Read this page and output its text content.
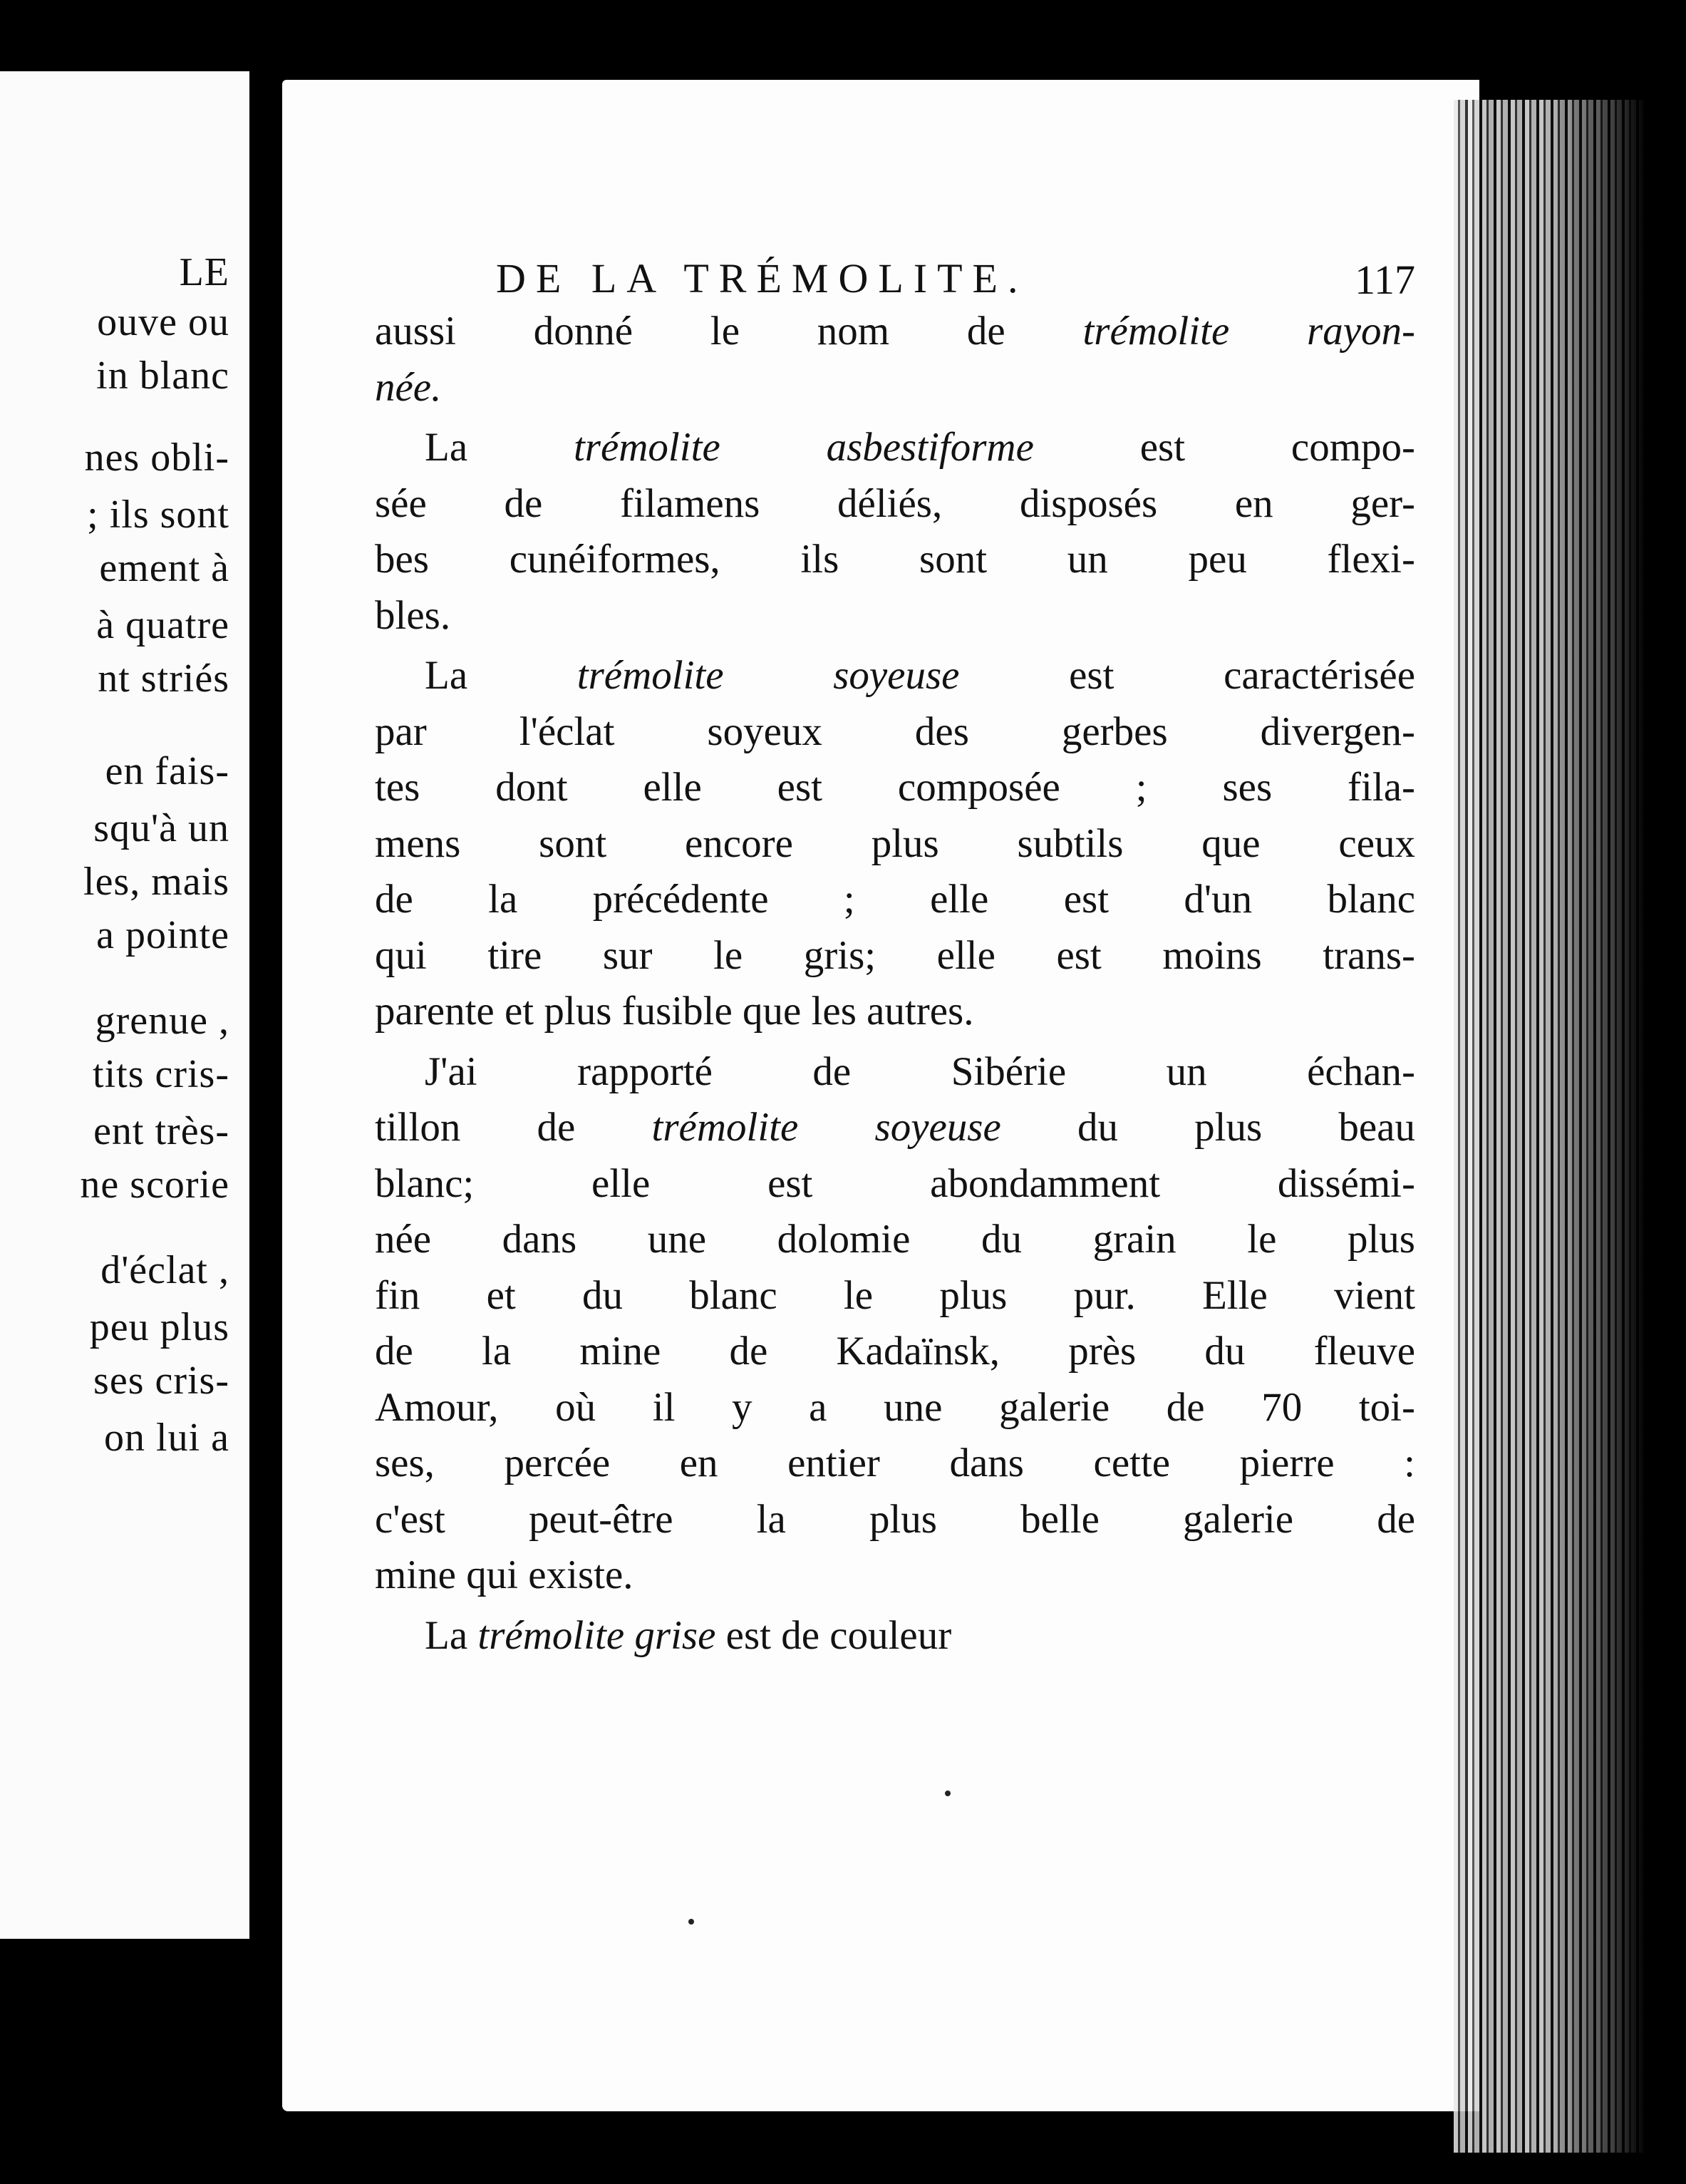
LE
ouve ou
in blanc
nes obli-
; ils sont
ement à
à quatre
nt striés
en fais-
squ'à un
les, mais
a pointe
grenue ,
tits cris-
ent très-
ne scorie
d'éclat ,
peu plus
ses cris-
on lui a
DE LA TRÉMOLITE.	117
aussi donné le nom de trémolite rayon-
née.
La trémolite asbestiforme est compo-
sée de filamens déliés, disposés en ger-
bes cunéiformes, ils sont un peu flexi-
bles.
La trémolite soyeuse est caractérisée
par l'éclat soyeux des gerbes divergen-
tes dont elle est composée ; ses fila-
mens sont encore plus subtils que ceux
de la précédente ; elle est d'un blanc
qui tire sur le gris; elle est moins trans-
parente et plus fusible que les autres.
J'ai rapporté de Sibérie un échan-
tillon de trémolite soyeuse du plus beau
blanc; elle est abondamment dissémi-
née dans une dolomie du grain le plus
fin et du blanc le plus pur. Elle vient
de la mine de Kadaïnsk, près du fleuve
Amour, où il y a une galerie de 70 toi-
ses, percée en entier dans cette pierre :
c'est peut-être la plus belle galerie de
mine qui existe.
La trémolite grise est de couleur
